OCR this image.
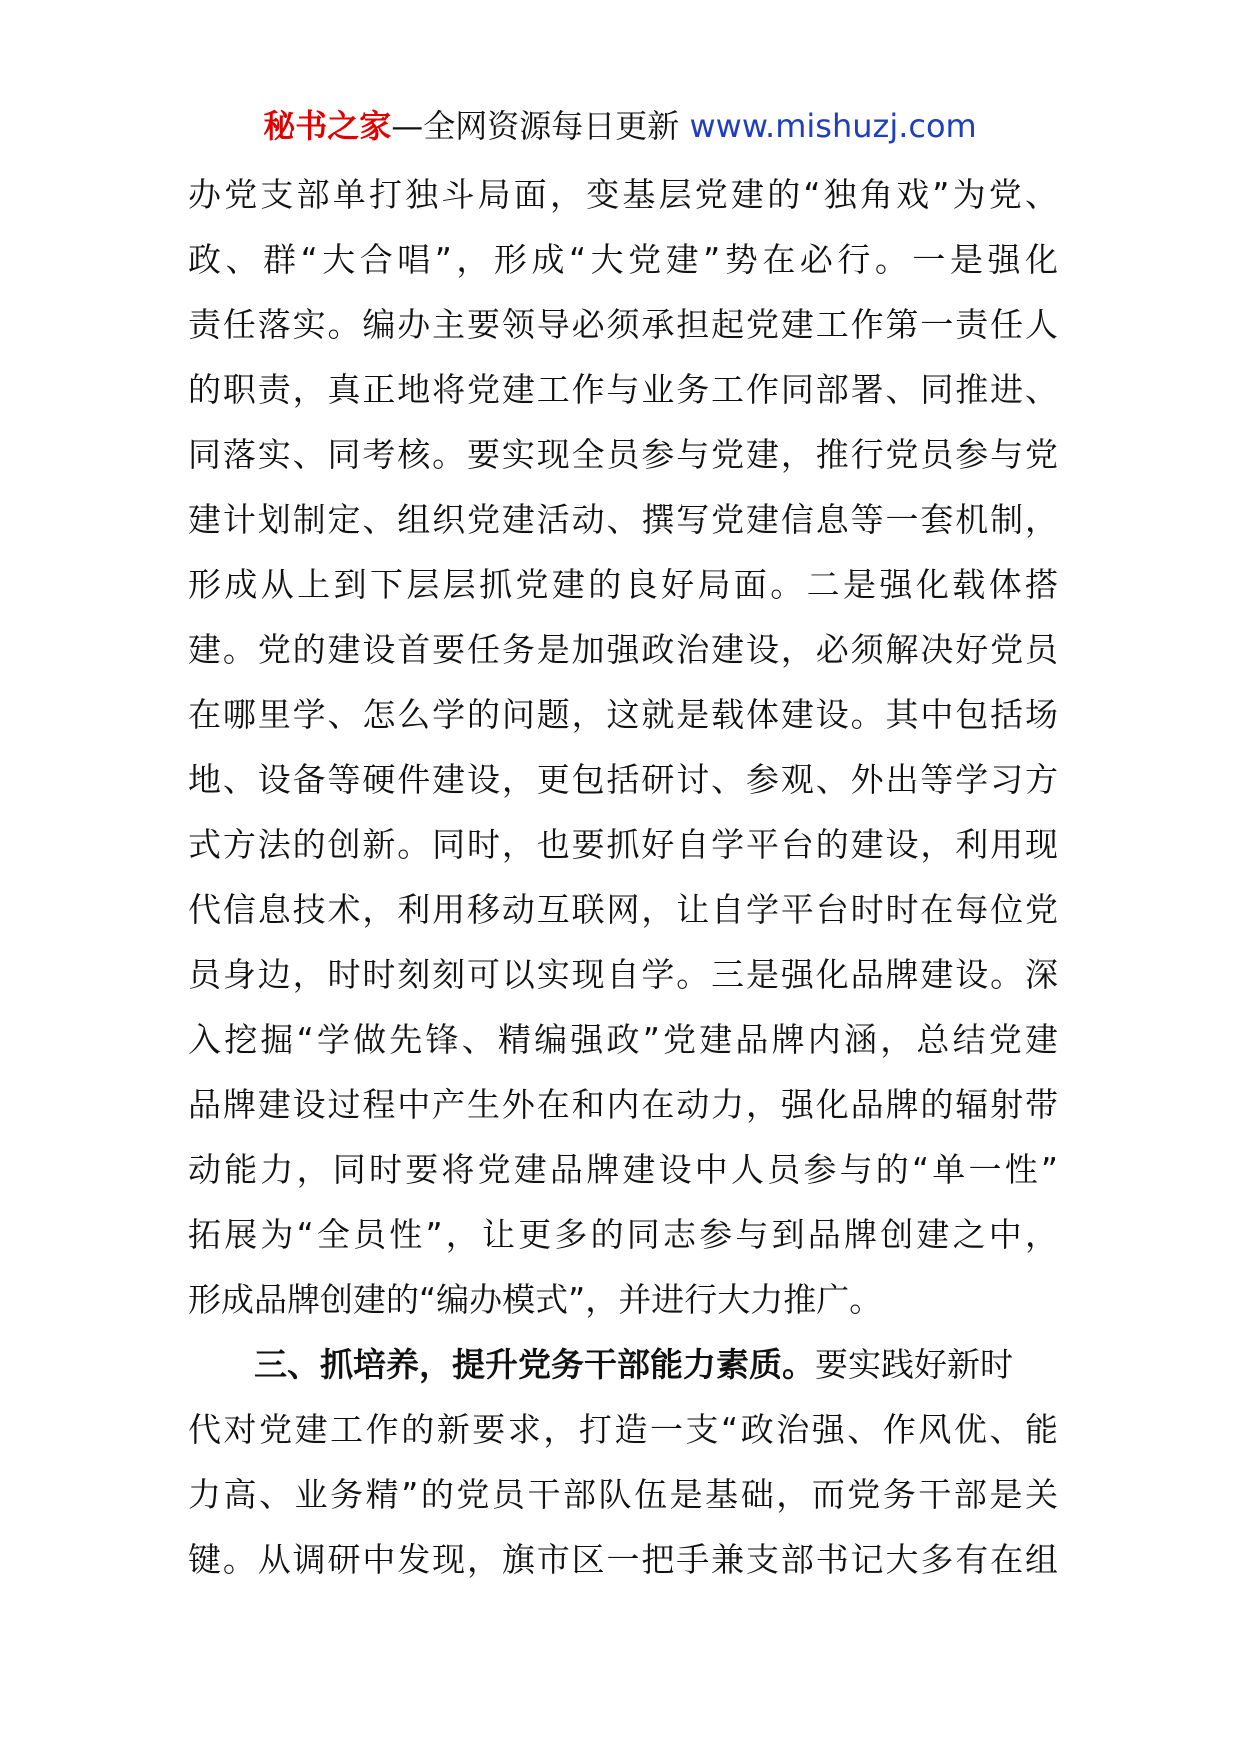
秘书之家—全网资源每日更新 www.mishuzj.com
办党支部单打独斗局面，变基层党建的“独角戏”为党、
政、群“大合唱”，形成“大党建”势在必行。一是强化
责任落实。编办主要领导必须承担起党建工作第一责任人
的职责，真正地将党建工作与业务工作同部署、同推进、
同落实、同考核。要实现全员参与党建，推行党员参与党
建计划制定、组织党建活动、撰写党建信息等一套机制，
形成从上到下层层抓党建的良好局面。二是强化载体搭
建。党的建设首要任务是加强政治建设，必须解决好党员
在哪里学、怎么学的问题，这就是载体建设。其中包括场
地、设备等硬件建设，更包括研讨、参观、外出等学习方
式方法的创新。同时，也要抓好自学平台的建设，利用现
代信息技术，利用移动互联网，让自学平台时时在每位党
员身边，时时刻刻可以实现自学。三是强化品牌建设。深
入挖掘“学做先锋、精编强政”党建品牌内涵，总结党建
品牌建设过程中产生外在和内在动力，强化品牌的辐射带
动能力，同时要将党建品牌建设中人员参与的“单一性”
拓展为“全员性”，让更多的同志参与到品牌创建之中，
形成品牌创建的“编办模式”，并进行大力推广。
三、抓培养，提升党务干部能力素质。要实践好新时
代对党建工作的新要求，打造一支“政治强、作风优、能
力高、业务精”的党员干部队伍是基础，而党务干部是关
键。从调研中发现，旗市区一把手兼支部书记大多有在组
